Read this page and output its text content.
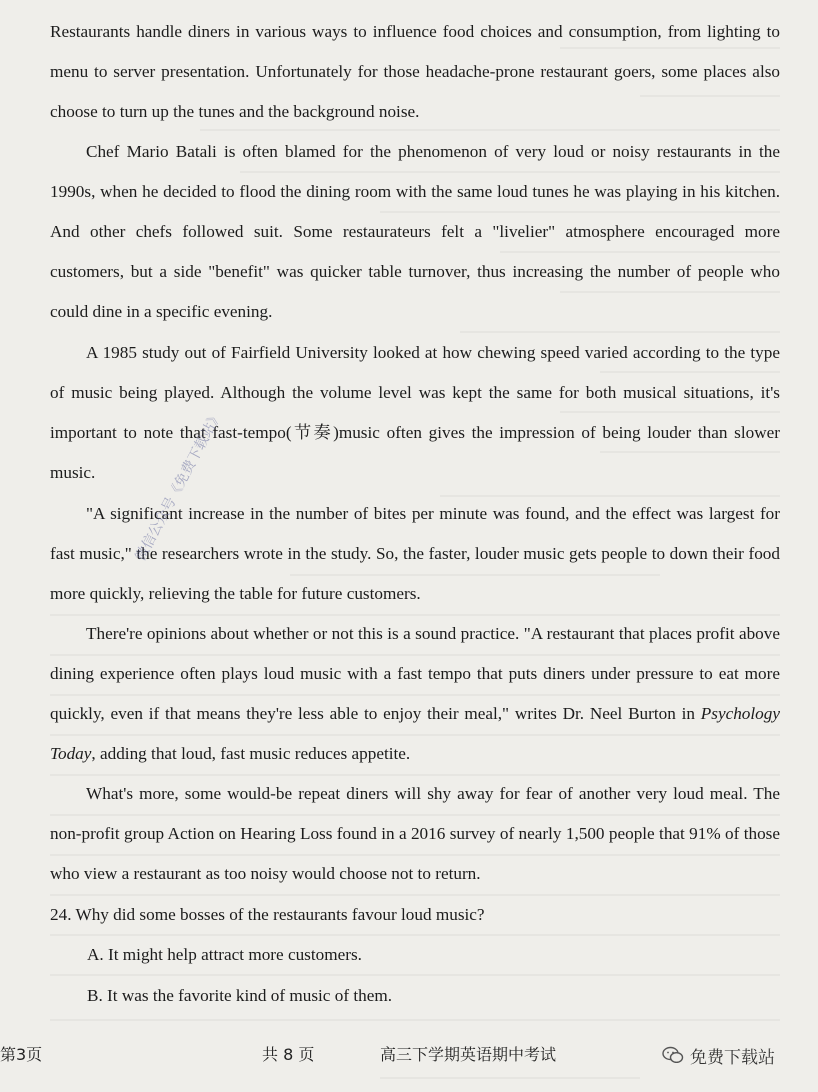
Restaurants handle diners in various ways to influence food choices and consumption, from lighting to menu to server presentation. Unfortunately for those headache-prone restaurant goers, some places also choose to turn up the tunes and the background noise.

Chef Mario Batali is often blamed for the phenomenon of very loud or noisy restaurants in the 1990s, when he decided to flood the dining room with the same loud tunes he was playing in his kitchen. And other chefs followed suit. Some restaurateurs felt a "livelier" atmosphere encouraged more customers, but a side "benefit" was quicker table turnover, thus increasing the number of people who could dine in a specific evening.

A 1985 study out of Fairfield University looked at how chewing speed varied according to the type of music being played. Although the volume level was kept the same for both musical situations, it's important to note that fast-tempo(节奏)music often gives the impression of being louder than slower music.

"A significant increase in the number of bites per minute was found, and the effect was largest for fast music," the researchers wrote in the study. So, the faster, louder music gets people to down their food more quickly, relieving the table for future customers.

There're opinions about whether or not this is a sound practice. "A restaurant that places profit above dining experience often plays loud music with a fast tempo that puts diners under pressure to eat more quickly, even if that means they're less able to enjoy their meal," writes Dr. Neel Burton in Psychology Today, adding that loud, fast music reduces appetite.

What's more, some would-be repeat diners will shy away for fear of another very loud meal. The non-profit group Action on Hearing Loss found in a 2016 survey of nearly 1,500 people that 91% of those who view a restaurant as too noisy would choose not to return.

24. Why did some bosses of the restaurants favour loud music?
A. It might help attract more customers.
B. It was the favorite kind of music of them.
微信公众号《免费下载站》
第3页	共 8 页	高三下学期英语期中考试	免费下载站
